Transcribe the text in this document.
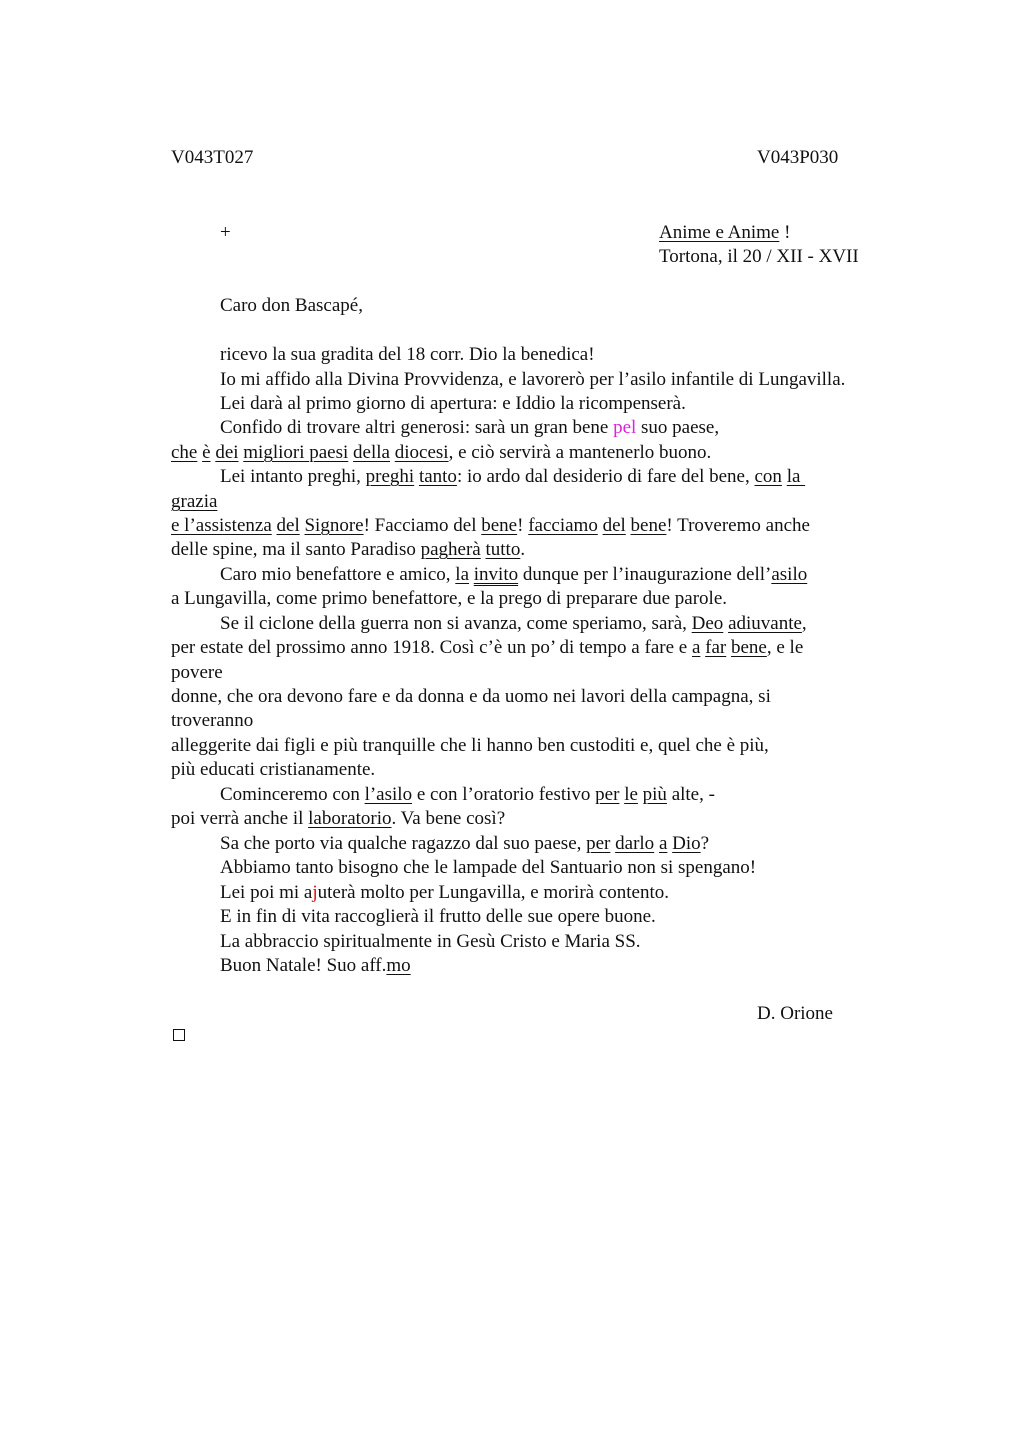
V043T027	V043P030
+	Anime e Anime !
Tortona, il 20 / XII - XVII
Caro don Bascapé,
ricevo la sua gradita del 18 corr. Dio la benedica!
Io mi affido alla Divina Provvidenza, e lavorerò per l’asilo infantile di Lungavilla.
Lei darà al primo giorno di apertura: e Iddio la ricompenserà.
Confido di trovare altri generosi: sarà un gran bene pel suo paese,
che è dei migliori paesi della diocesi, e ciò servirà a mantenerlo buono.
Lei intanto preghi, preghi tanto: io ardo dal desiderio di fare del bene, con la
grazia
e l’assistenza del Signore! Facciamo del bene! facciamo del bene! Troveremo anche
delle spine, ma il santo Paradiso pagherà tutto.
Caro mio benefattore e amico, la invito dunque per l’inaugurazione dell’asilo
a Lungavilla, come primo benefattore, e la prego di preparare due parole.
Se il ciclone della guerra non si avanza, come speriamo, sarà, Deo adiuvante,
per estate del prossimo anno 1918. Così c’è un po’ di tempo a fare e a far bene, e le
povere
donne, che ora devono fare e da donna e da uomo nei lavori della campagna, si
troveranno
alleggerite dai figli e più tranquille che li hanno ben custoditi e, quel che è più,
più educati cristianamente.
Cominceremo con l’asilo e con l’oratorio festivo per le più alte, -
poi verrà anche il laboratorio. Va bene così?
Sa che porto via qualche ragazzo dal suo paese, per darlo a Dio?
Abbiamo tanto bisogno che le lampade del Santuario non si spengano!
Lei poi mi ajuterà molto per Lungavilla, e morirà contento.
E in fin di vita raccoglierà il frutto delle sue opere buone.
La abbraccio spiritualmente in Gesù Cristo e Maria SS.
Buon Natale! Suo aff.mo
D. Orione
